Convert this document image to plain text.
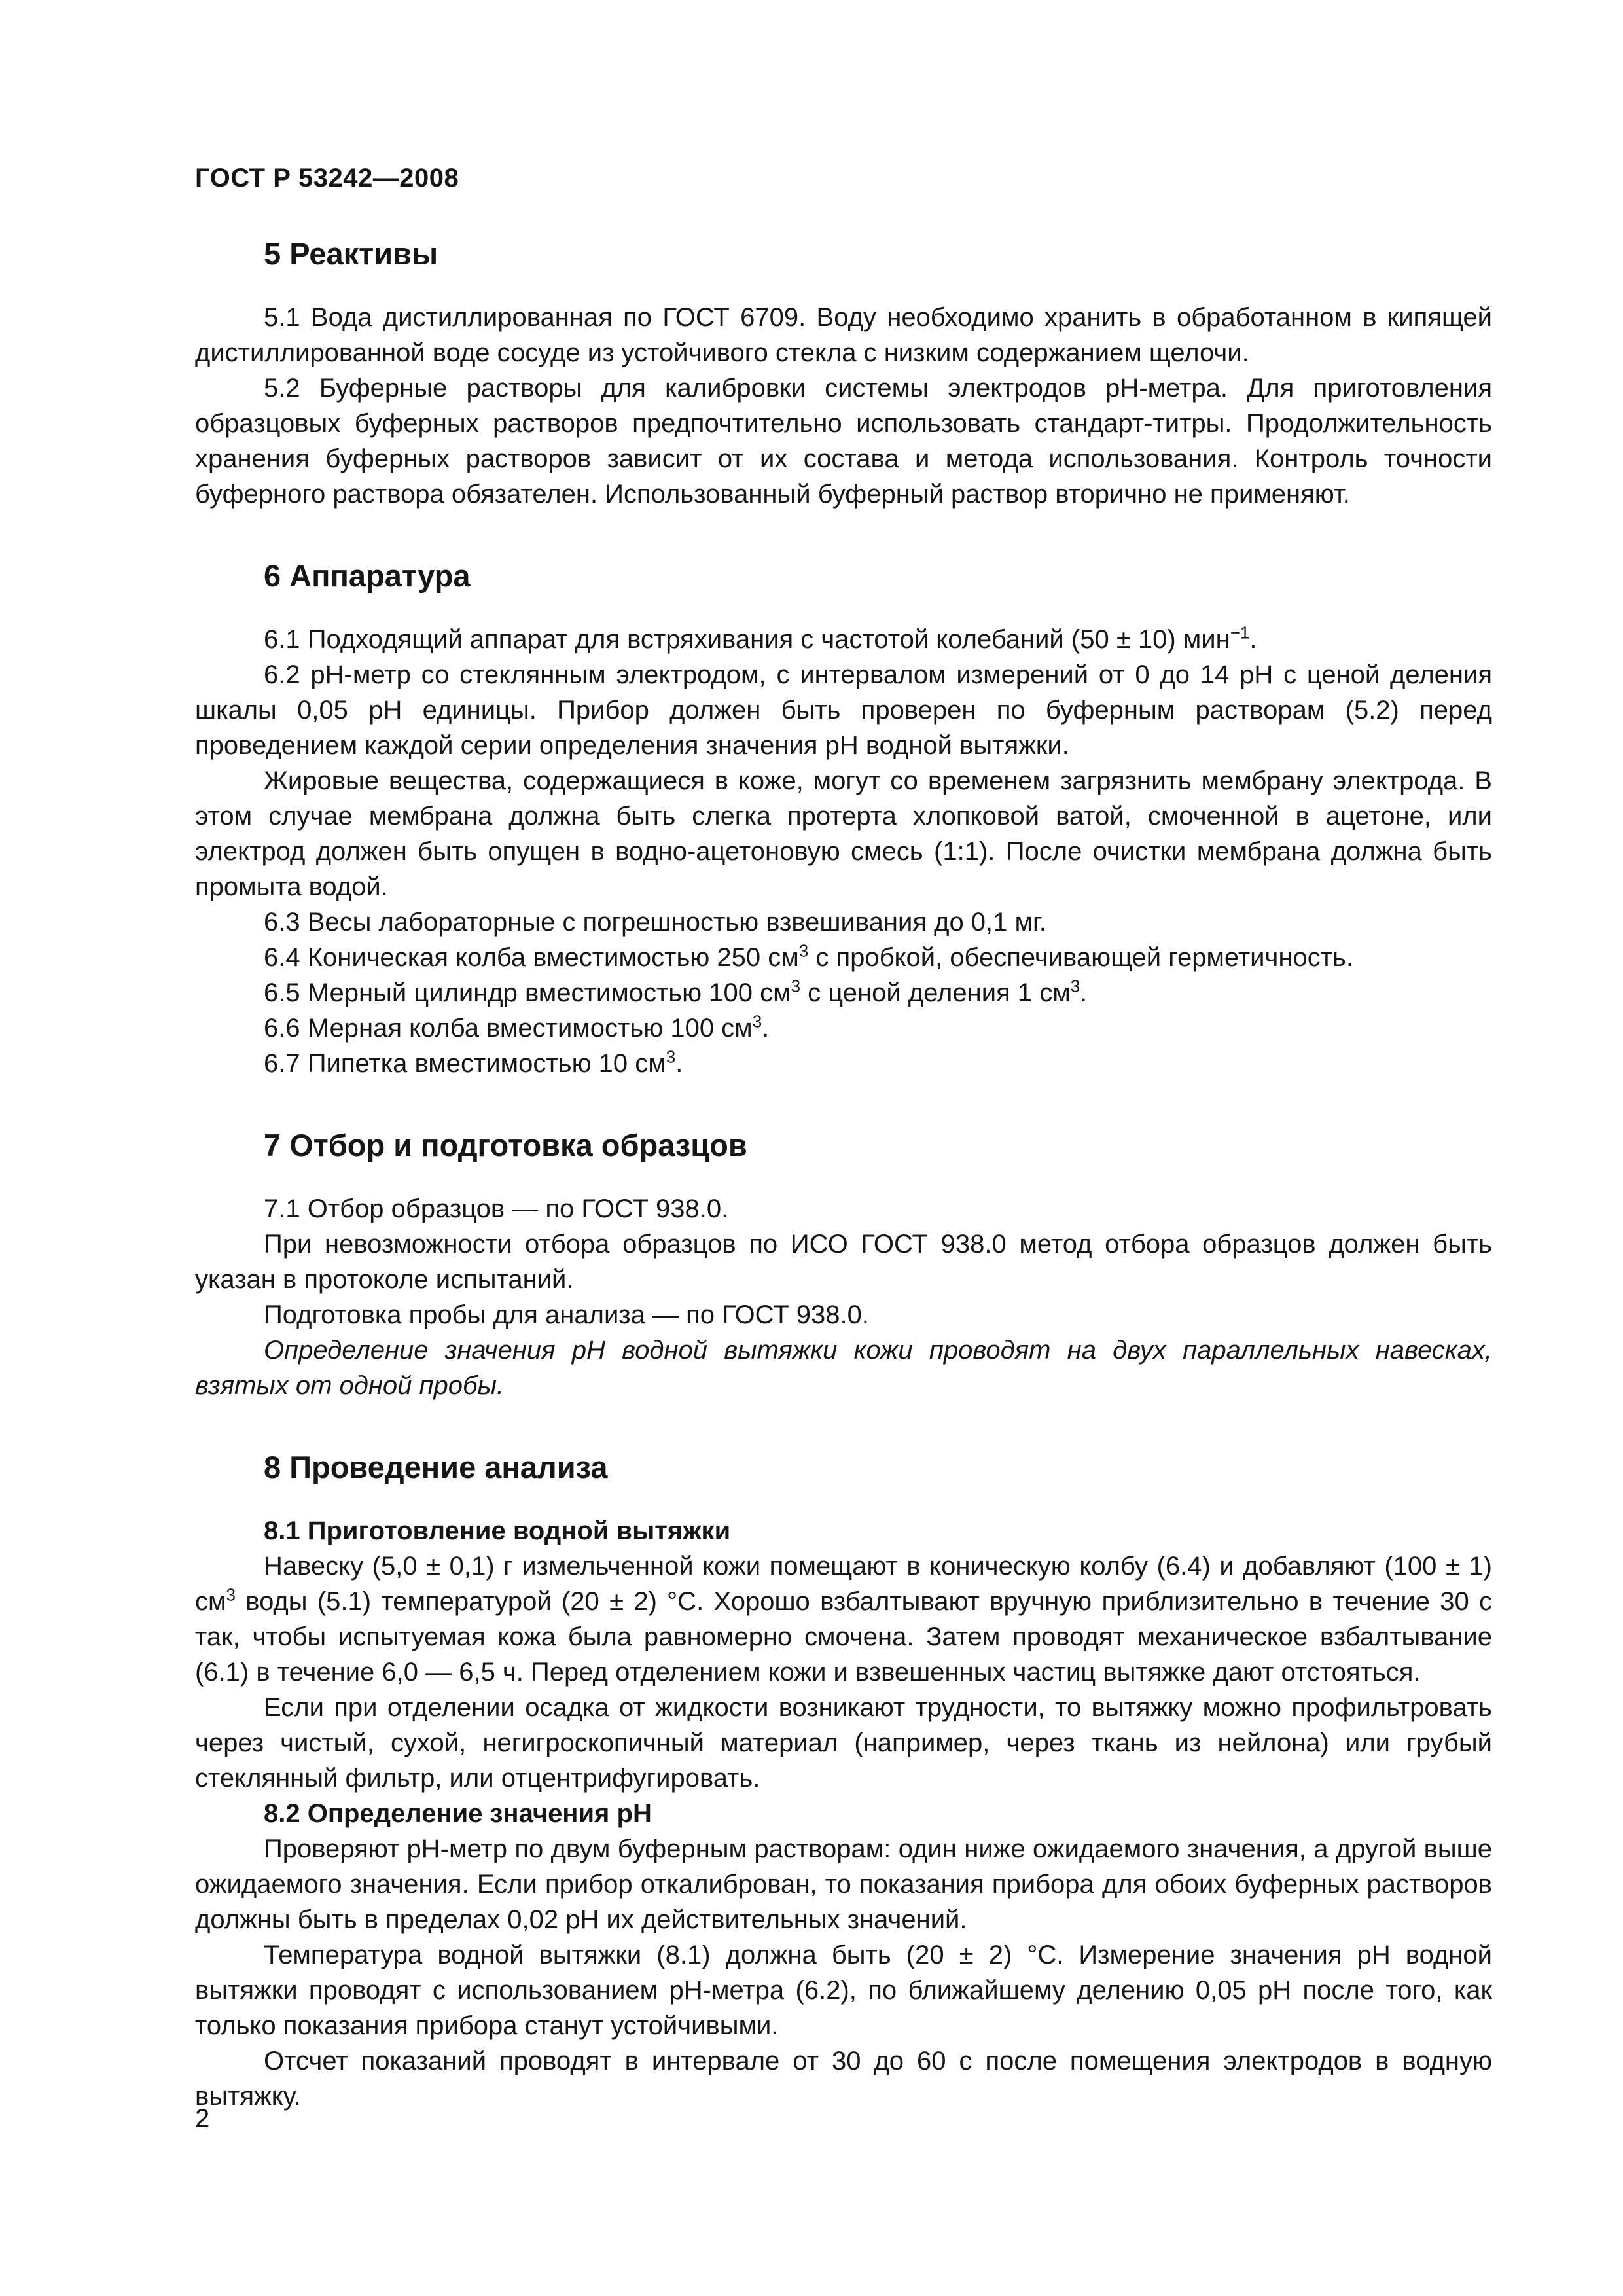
ГОСТ Р 53242—2008
5 Реактивы

5.1 Вода дистиллированная по ГОСТ 6709. Воду необходимо хранить в обработанном в кипящей дистиллированной воде сосуде из устойчивого стекла с низким содержанием щелочи.

5.2 Буферные растворы для калибровки системы электродов pH-метра. Для приготовления образцовых буферных растворов предпочтительно использовать стандарт-титры. Продолжительность хранения буферных растворов зависит от их состава и метода использования. Контроль точности буферного раствора обязателен. Использованный буферный раствор вторично не применяют.

6 Аппаратура

6.1 Подходящий аппарат для встряхивания с частотой колебаний (50 ± 10) мин$^{-1}$.

6.2 pH-метр со стеклянным электродом, с интервалом измерений от 0 до 14 pH с ценой деления шкалы 0,05 pH единицы. Прибор должен быть проверен по буферным растворам (5.2) перед проведением каждой серии определения значения pH водной вытяжки.

Жировые вещества, содержащиеся в коже, могут со временем загрязнить мембрану электрода. В этом случае мембрана должна быть слегка протерта хлопковой ватой, смоченной в ацетоне, или электрод должен быть опущен в водно-ацетоновую смесь (1:1). После очистки мембрана должна быть промыта водой.

6.3 Весы лабораторные с погрешностью взвешивания до 0,1 мг.

6.4 Коническая колба вместимостью 250 $см^3$ с пробкой, обеспечивающей герметичность.

6.5 Мерный цилиндр вместимостью 100 $см^3$ с ценой деления 1 $см^3$.

6.6 Мерная колба вместимостью 100 $см^3$.

6.7 Пипетка вместимостью 10 $см^3$.

7 Отбор и подготовка образцов

7.1 Отбор образцов — по ГОСТ 938.0.

При невозможности отбора образцов по ИСО ГОСТ 938.0 метод отбора образцов должен быть указан в протоколе испытаний.

Подготовка пробы для анализа — по ГОСТ 938.0.

Определение значения pH водной вытяжки кожи проводят на двух параллельных навесках, взятых от одной пробы.

8 Проведение анализа
8.1 Приготовление водной вытяжки

Навеску (5,0 ± 0,1) г измельченной кожи помещают в коническую колбу (6.4) и добавляют (100 ± 1) $см^3$ воды (5.1) температурой (20 ± 2) °С. Хорошо взбалтывают вручную приблизительно в течение 30 с так, чтобы испытуемая кожа была равномерно смочена. Затем проводят механическое взбалтывание (6.1) в течение 6,0 — 6,5 ч. Перед отделением кожи и взвешенных частиц вытяжке дают отстояться.

Если при отделении осадка от жидкости возникают трудности, то вытяжку можно профильтровать через чистый, сухой, негигроскопичный материал (например, через ткань из нейлона) или грубый стеклянный фильтр, или отцентрифугировать.

8.2 Определение значения pH

Проверяют pH-метр по двум буферным растворам: один ниже ожидаемого значения, а другой выше ожидаемого значения. Если прибор откалиброван, то показания прибора для обоих буферных растворов должны быть в пределах 0,02 pH их действительных значений.

Температура водной вытяжки (8.1) должна быть (20 ± 2) °С. Измерение значения pH водной вытяжки проводят с использованием pH-метра (6.2), по ближайшему делению 0,05 pH после того, как только показания прибора станут устойчивыми.

Отсчет показаний проводят в интервале от 30 до 60 с после помещения электродов в водную вытяжку.

2
